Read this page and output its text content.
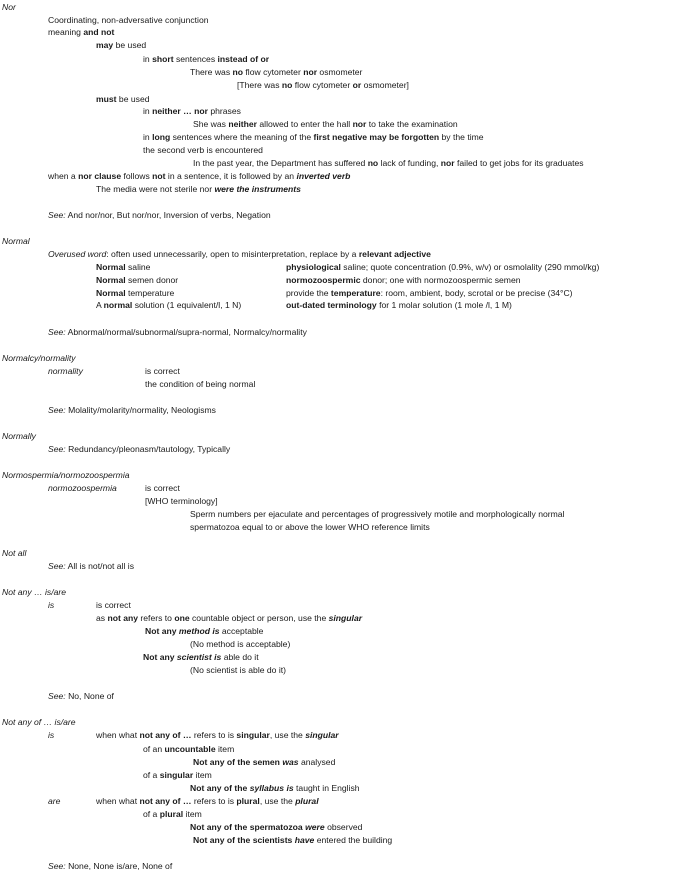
Nor
Coordinating, non-adversative conjunction
meaning and not
may be used
in short sentences instead of or
There was no flow cytometer nor osmometer
[There was no flow cytometer or osmometer]
must be used
in neither … nor phrases
She was neither allowed to enter the hall nor to take the examination
in long sentences where the meaning of the first negative may be forgotten by the time
the second verb is encountered
In the past year, the Department has suffered no lack of funding, nor failed to get jobs for its graduates
when a nor clause follows not in a sentence, it is followed by an inverted verb
The media were not sterile nor were the instruments
See: And nor/nor, But nor/nor, Inversion of verbs, Negation
Normal
Overused word: often used unnecessarily, open to misinterpretation, replace by a relevant adjective
Normal saline	physiological saline; quote concentration (0.9%, w/v) or osmolality (290 mmol/kg)
Normal semen donor	normozoospermic donor; one with normozoospermic semen
Normal temperature	provide the temperature: room, ambient, body, scrotal or be precise (34°C)
A normal solution (1 equivalent/l, 1 N)	out-dated terminology for 1 molar solution (1 mole /l, 1 M)
See: Abnormal/normal/subnormal/supra-normal, Normalcy/normality
Normalcy/normality
normality	is correct
the condition of being normal
See: Molality/molarity/normality, Neologisms
Normally
See: Redundancy/pleonasm/tautology, Typically
Normospermia/normozoospermia
normozoospermia	is correct
[WHO terminology]
Sperm numbers per ejaculate and percentages of progressively motile and morphologically normal
spermatozoa equal to or above the lower WHO reference limits
Not all
See: All is not/not all is
Not any … is/are
is	is correct
as not any refers to one countable object or person, use the singular
Not any method is acceptable
(No method is acceptable)
Not any scientist is able do it
(No scientist is able do it)
See: No, None of
Not any of … is/are
is	when what not any of … refers to is singular, use the singular
of an uncountable item
Not any of the semen was analysed
of a singular item
Not any of the syllabus is taught in English
are	when what not any of … refers to is plural, use the plural
of a plural item
Not any of the spermatozoa were observed
Not any of the scientists have entered the building
See: None, None is/are, None of
